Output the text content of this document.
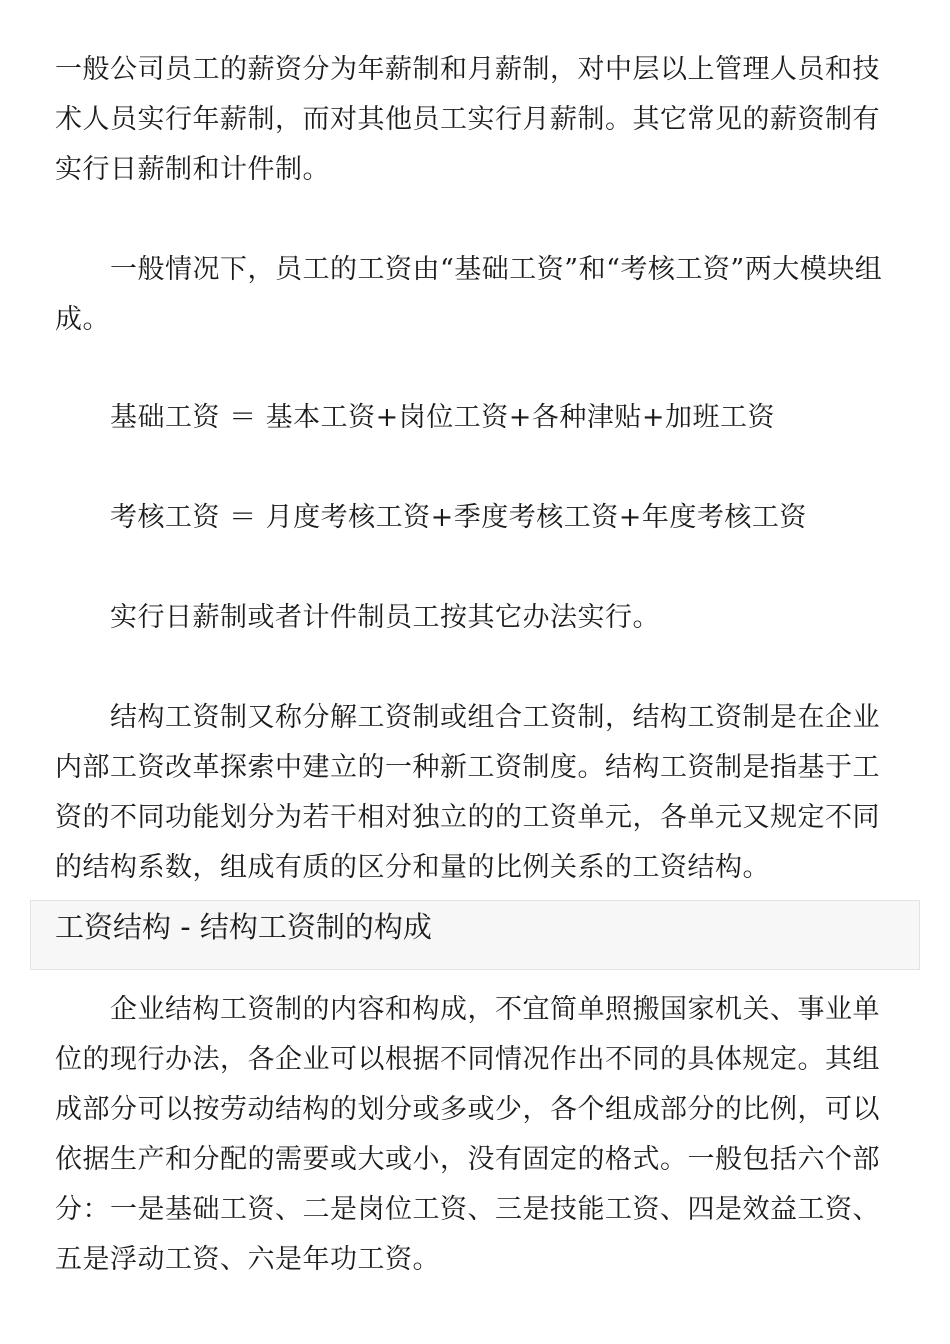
一般公司员工的薪资分为年薪制和月薪制，对中层以上管理人员和技术人员实行年薪制，而对其他员工实行月薪制。其它常见的薪资制有实行日薪制和计件制。

一般情况下，员工的工资由“基础工资”和“考核工资”两大模块组成。

基础工资 ＝ 基本工资+岗位工资+各种津贴+加班工资

考核工资 ＝ 月度考核工资+季度考核工资+年度考核工资

实行日薪制或者计件制员工按其它办法实行。

结构工资制又称分解工资制或组合工资制，结构工资制是在企业内部工资改革探索中建立的一种新工资制度。结构工资制是指基于工资的不同功能划分为若干相对独立的的工资单元，各单元又规定不同的结构系数，组成有质的区分和量的比例关系的工资结构。

工资结构 - 结构工资制的构成

企业结构工资制的内容和构成，不宜简单照搬国家机关、事业单位的现行办法，各企业可以根据不同情况作出不同的具体规定。其组成部分可以按劳动结构的划分或多或少，各个组成部分的比例，可以依据生产和分配的需要或大或小，没有固定的格式。一般包括六个部分：一是基础工资、二是岗位工资、三是技能工资、四是效益工资、五是浮动工资、六是年功工资。
